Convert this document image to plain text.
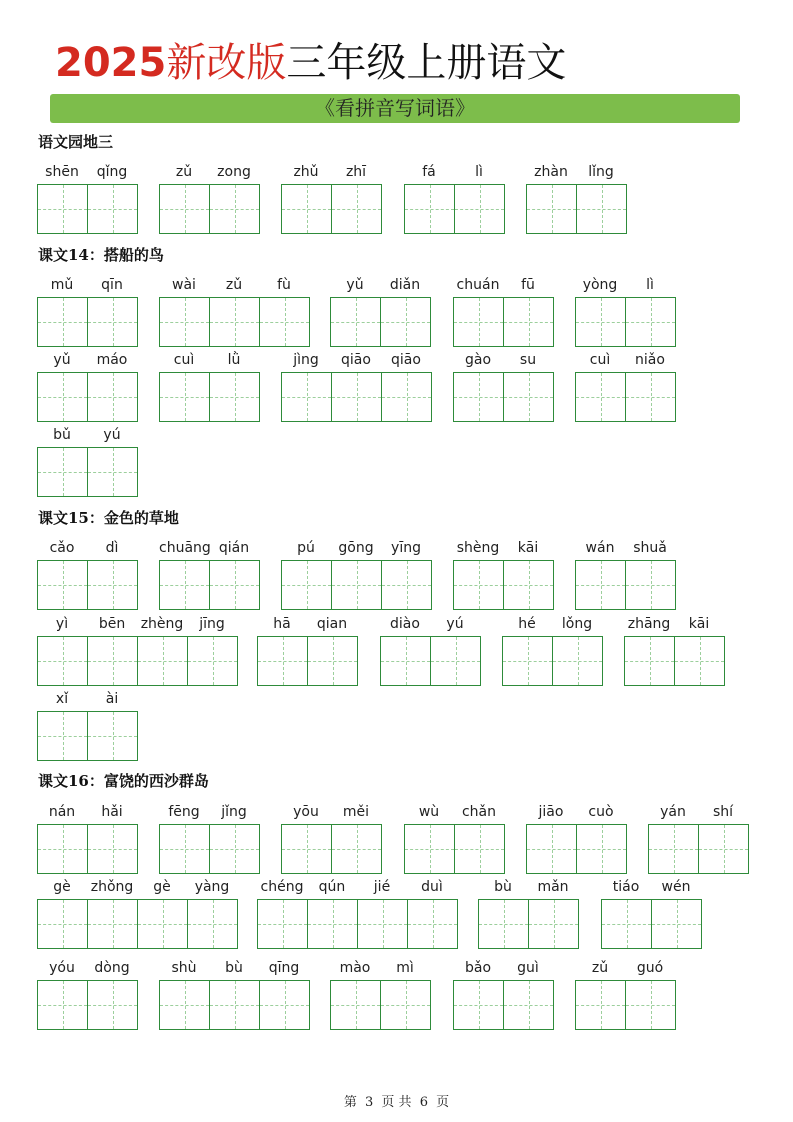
2025新改版三年级上册语文
《看拼音写词语》
语文园地三
shēn	qǐng	zǔ	zong	zhǔ	zhī	fá	lì	zhàn	lǐng
课文14：搭船的鸟
mǔ	qīn	wài	zǔ	fù	yǔ	diǎn	chuán	fū	yòng	lì
yǔ	máo	cuì	lǜ	jìng	qiāo	qiāo	gào	su	cuì	niǎo
bǔ	yú
课文15：金色的草地
cǎo	dì	chuāng qián	pú	gōng	yīng	shèng	kāi	wán	shuǎ
yì	bēn	zhèng	jīng	hā	qian	diào	yú	hé	lǒng	zhāng	kāi
xǐ	ài
课文16：富饶的西沙群岛
nán	hǎi	fēng	jǐng	yōu	měi	wù	chǎn	jiāo	cuò	yán	shí
gè	zhǒng	gè	yàng	chéng	qún	jié	duì	bù	mǎn	tiáo	wén
yóu	dòng	shù	bù	qīng	mào	mì	bǎo	guì	zǔ	guó
第 3 页 共 6 页
